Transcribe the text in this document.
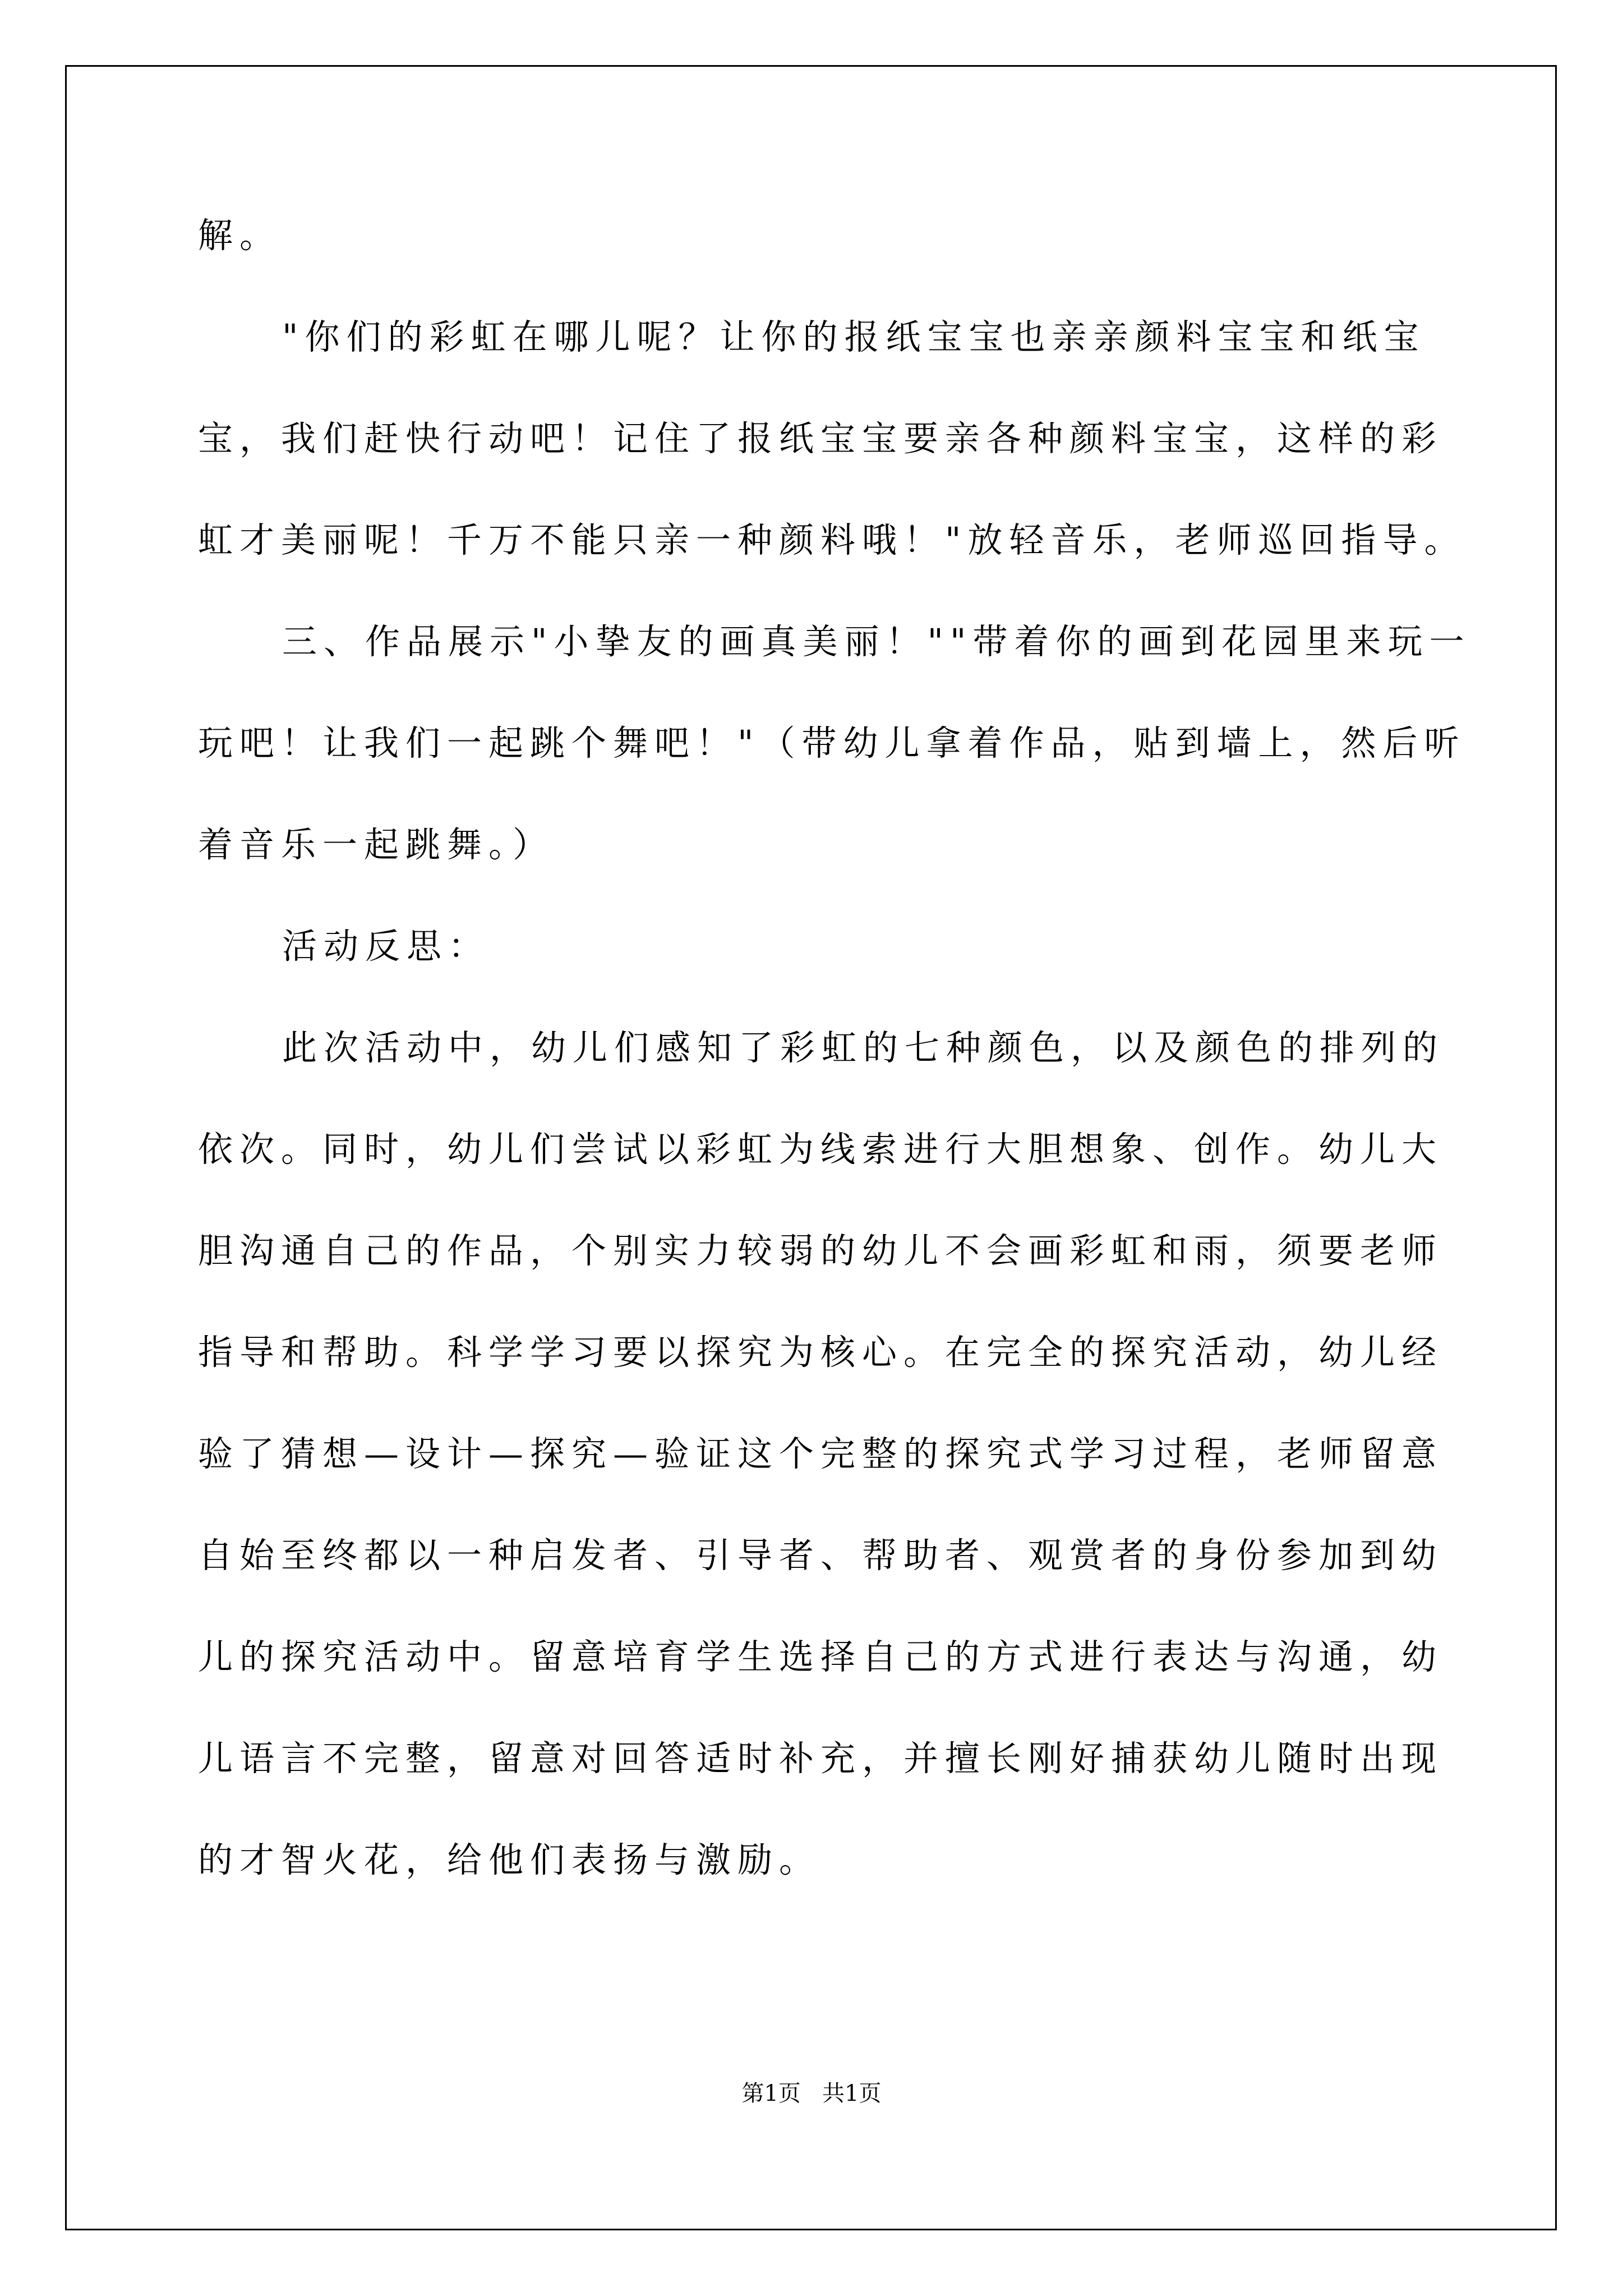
解。
"你们的彩虹在哪儿呢？让你的报纸宝宝也亲亲颜料宝宝和纸宝
宝，我们赶快行动吧！记住了报纸宝宝要亲各种颜料宝宝，这样的彩
虹才美丽呢！千万不能只亲一种颜料哦！"放轻音乐，老师巡回指导。
三、作品展示"小挚友的画真美丽！""带着你的画到花园里来玩一
玩吧！让我们一起跳个舞吧！"（带幼儿拿着作品，贴到墙上，然后听
着音乐一起跳舞。）
活动反思：
此次活动中，幼儿们感知了彩虹的七种颜色，以及颜色的排列的
依次。同时，幼儿们尝试以彩虹为线索进行大胆想象、创作。幼儿大
胆沟通自己的作品，个别实力较弱的幼儿不会画彩虹和雨，须要老师
指导和帮助。科学学习要以探究为核心。在完全的探究活动，幼儿经
验了猜想—设计—探究—验证这个完整的探究式学习过程，老师留意
自始至终都以一种启发者、引导者、帮助者、观赏者的身份参加到幼
儿的探究活动中。留意培育学生选择自己的方式进行表达与沟通，幼
儿语言不完整，留意对回答适时补充，并擅长刚好捕获幼儿随时出现
的才智火花，给他们表扬与激励。
第1页   共1页
